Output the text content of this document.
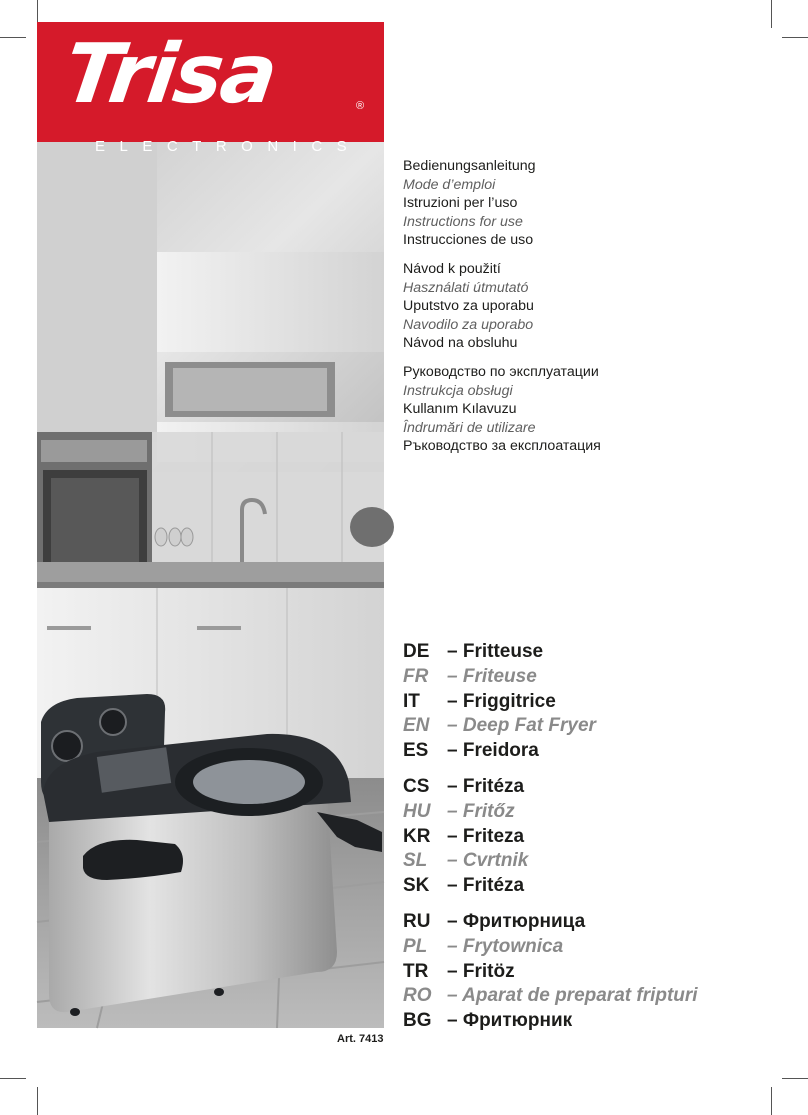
Trisa
ELECTRONICS
®
Bedienungsanleitung
Mode d’emploi
Istruzioni per l’uso
Instructions for use
Instrucciones de uso
Návod k použití
Használati útmutató
Uputstvo za uporabu
Navodilo za uporabo
Návod na obsluhu
Руководство по эксплуатации
Instrukcja obsługi
Kullanım Kılavuzu
Îndrumări de utilizare
Ръководство за експлоатация
DE – Fritteuse
FR – Friteuse
IT – Friggitrice
EN – Deep Fat Fryer
ES – Freidora
CS – Fritéza
HU – Fritőz
KR – Friteza
SL – Cvrtnik
SK – Fritéza
RU – Фритюрница
PL – Frytownica
TR – Fritöz
RO – Aparat de preparat fripturi
BG – Фритюрник
Art. 7413
